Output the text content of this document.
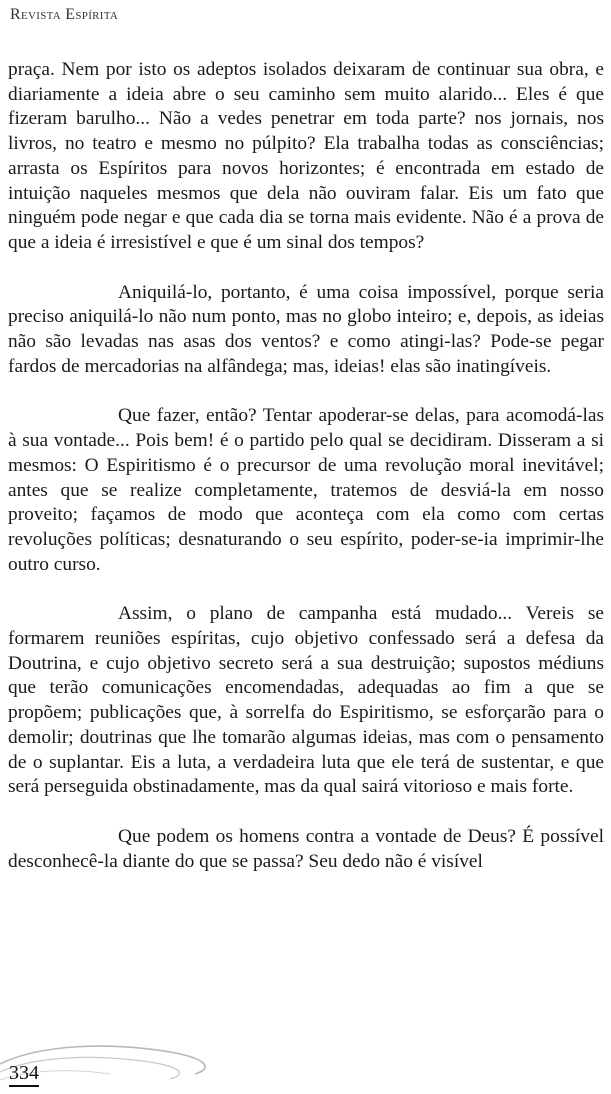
Revista Espírita

praça. Nem por isto os adeptos isolados deixaram de continuar sua obra, e diariamente a ideia abre o seu caminho sem muito alarido... Eles é que fizeram barulho... Não a vedes penetrar em toda parte? nos jornais, nos livros, no teatro e mesmo no púlpito? Ela trabalha todas as consciências; arrasta os Espíritos para novos horizontes; é encontrada em estado de intuição naqueles mesmos que dela não ouviram falar. Eis um fato que ninguém pode negar e que cada dia se torna mais evidente. Não é a prova de que a ideia é irresistível e que é um sinal dos tempos?

Aniquilá-lo, portanto, é uma coisa impossível, porque seria preciso aniquilá-lo não num ponto, mas no globo inteiro; e, depois, as ideias não são levadas nas asas dos ventos? e como atingi-las? Pode-se pegar fardos de mercadorias na alfândega; mas, ideias! elas são inatingíveis.

Que fazer, então? Tentar apoderar-se delas, para acomodá-las à sua vontade... Pois bem! é o partido pelo qual se decidiram. Disseram a si mesmos: O Espiritismo é o precursor de uma revolução moral inevitável; antes que se realize completamente, tratemos de desviá-la em nosso proveito; façamos de modo que aconteça com ela como com certas revoluções políticas; desnaturando o seu espírito, poder-se-ia imprimir-lhe outro curso.

Assim, o plano de campanha está mudado... Vereis se formarem reuniões espíritas, cujo objetivo confessado será a defesa da Doutrina, e cujo objetivo secreto será a sua destruição; supostos médiuns que terão comunicações encomendadas, adequadas ao fim a que se propõem; publicações que, à sorrelfa do Espiritismo, se esforçarão para o demolir; doutrinas que lhe tomarão algumas ideias, mas com o pensamento de o suplantar. Eis a luta, a verdadeira luta que ele terá de sustentar, e que será perseguida obstinadamente, mas da qual sairá vitorioso e mais forte.

Que podem os homens contra a vontade de Deus? É possível desconhecê-la diante do que se passa? Seu dedo não é visível

334
